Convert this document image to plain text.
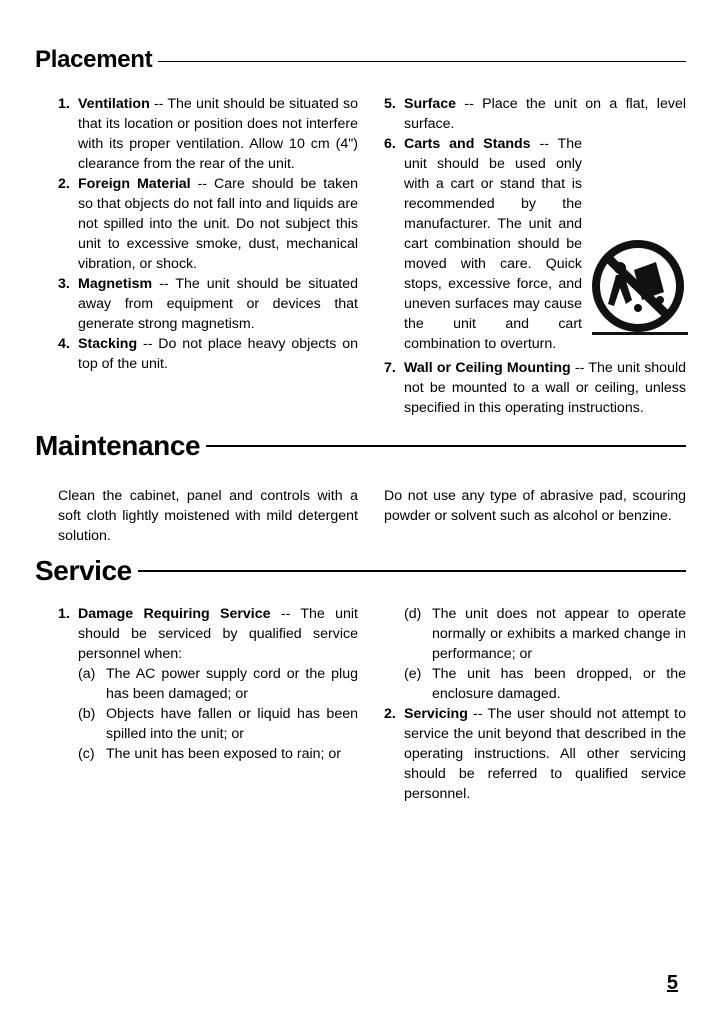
Placement
1. Ventilation -- The unit should be situated so that its location or position does not interfere with its proper ventilation. Allow 10 cm (4") clearance from the rear of the unit.
2. Foreign Material -- Care should be taken so that objects do not fall into and liquids are not spilled into the unit. Do not subject this unit to excessive smoke, dust, mechanical vibration, or shock.
3. Magnetism -- The unit should be situated away from equipment or devices that generate strong magnetism.
4. Stacking -- Do not place heavy objects on top of the unit.
5. Surface -- Place the unit on a flat, level surface.
6. Carts and Stands -- The unit should be used only with a cart or stand that is recommended by the manufacturer. The unit and cart combination should be moved with care. Quick stops, excessive force, and uneven surfaces may cause the unit and cart combination to overturn.
7. Wall or Ceiling Mounting -- The unit should not be mounted to a wall or ceiling, unless specified in this operating instructions.
Maintenance
Clean the cabinet, panel and controls with a soft cloth lightly moistened with mild detergent solution.
Do not use any type of abrasive pad, scouring powder or solvent such as alcohol or benzine.
Service
1. Damage Requiring Service -- The unit should be serviced by qualified service personnel when:
(a) The AC power supply cord or the plug has been damaged; or
(b) Objects have fallen or liquid has been spilled into the unit; or
(c) The unit has been exposed to rain; or
(d) The unit does not appear to operate normally or exhibits a marked change in performance; or
(e) The unit has been dropped, or the enclosure damaged.
2. Servicing -- The user should not attempt to service the unit beyond that described in the operating instructions. All other servicing should be referred to qualified service personnel.
5
